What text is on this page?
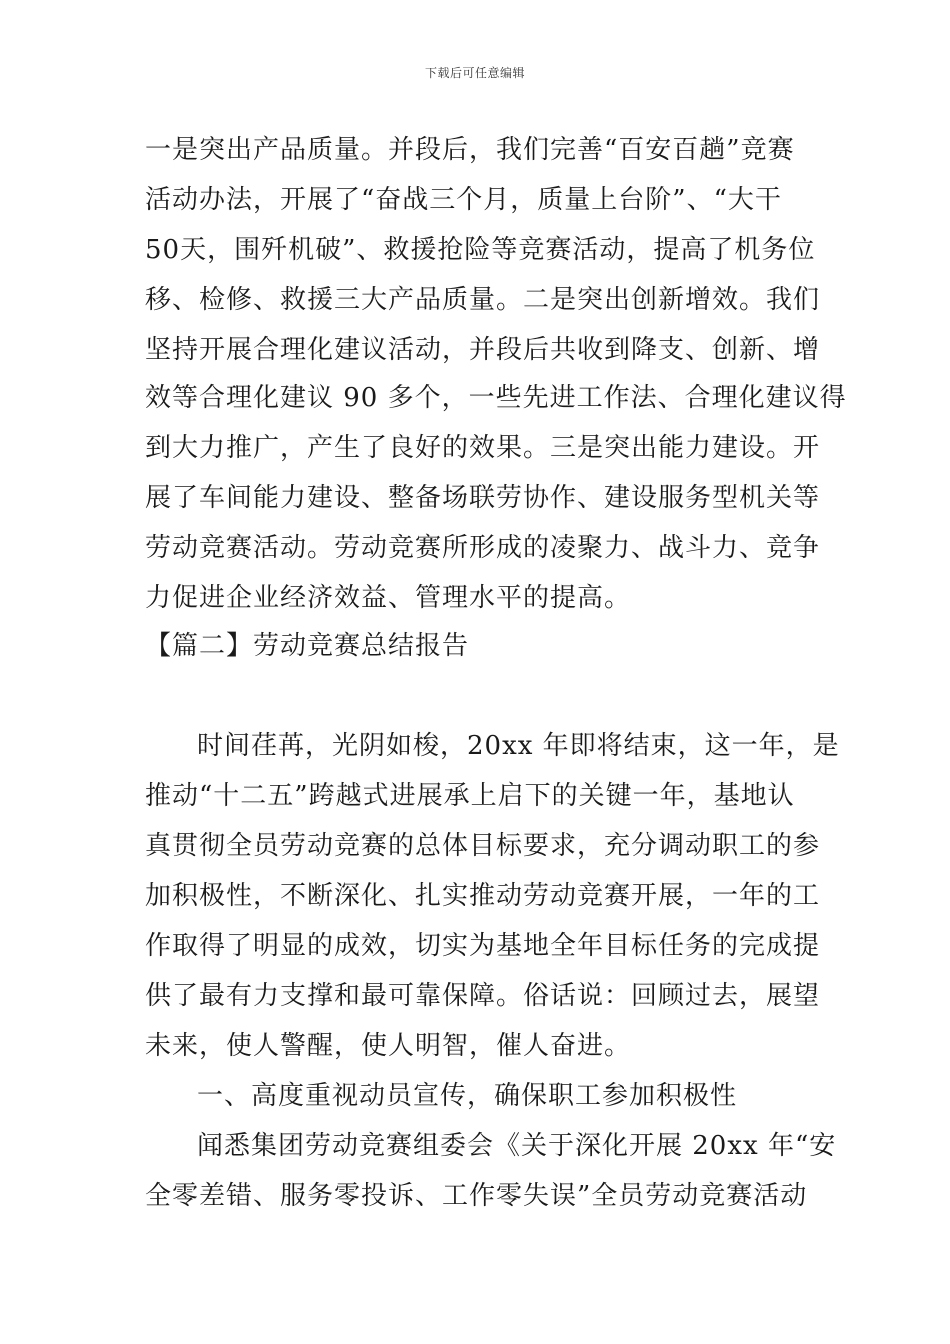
下载后可任意编辑
一是突出产品质量。并段后，我们完善“百安百趟”竞赛
活动办法，开展了“奋战三个月，质量上台阶”、“大干
50天，围歼机破”、救援抢险等竞赛活动，提高了机务位
移、检修、救援三大产品质量。二是突出创新增效。我们
坚持开展合理化建议活动，并段后共收到降支、创新、增
效等合理化建议 90 多个，一些先进工作法、合理化建议得
到大力推广，产生了良好的效果。三是突出能力建设。开
展了车间能力建设、整备场联劳协作、建设服务型机关等
劳动竞赛活动。劳动竞赛所形成的凌聚力、战斗力、竞争
力促进企业经济效益、管理水平的提高。
【篇二】劳动竞赛总结报告
时间荏苒，光阴如梭，20xx 年即将结束，这一年，是
推动“十二五”跨越式进展承上启下的关键一年，基地认
真贯彻全员劳动竞赛的总体目标要求，充分调动职工的参
加积极性，不断深化、扎实推动劳动竞赛开展，一年的工
作取得了明显的成效，切实为基地全年目标任务的完成提
供了最有力支撑和最可靠保障。俗话说：回顾过去，展望
未来，使人警醒，使人明智，催人奋进。
一、高度重视动员宣传，确保职工参加积极性
闻悉集团劳动竞赛组委会《关于深化开展 20xx 年“安
全零差错、服务零投诉、工作零失误”全员劳动竞赛活动
